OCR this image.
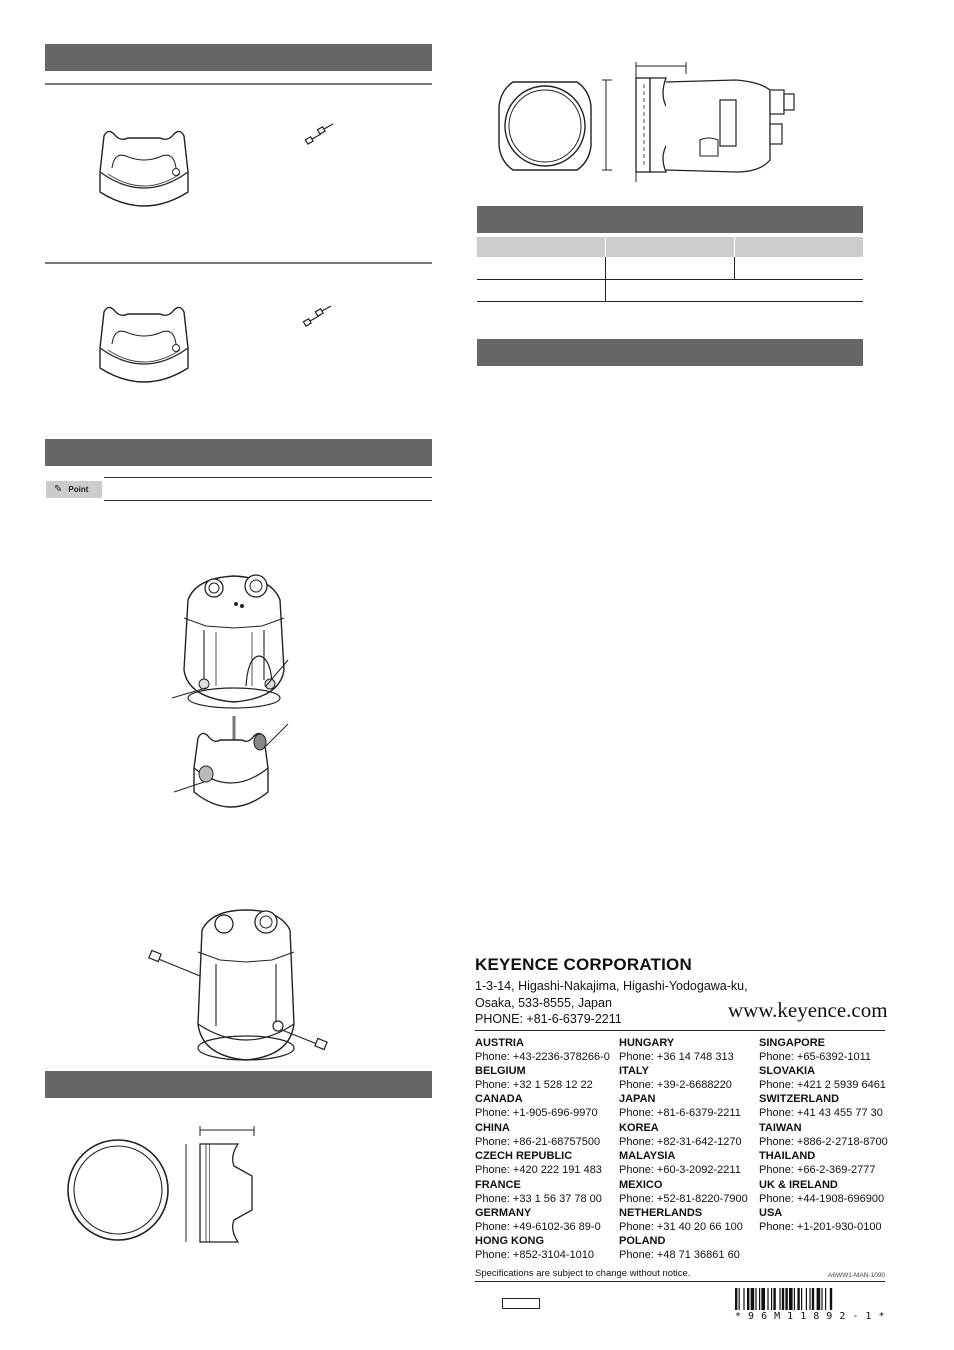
✎ Point
KEYENCE CORPORATION
1-3-14, Higashi-Nakajima, Higashi-Yodogawa-ku,
Osaka, 533-8555, Japan
PHONE: +81-6-6379-2211	www.keyence.com
AUSTRIA
Phone: +43-2236-378266-0
BELGIUM
Phone: +32 1 528 12 22
CANADA
Phone: +1-905-696-9970
CHINA
Phone: +86-21-68757500
CZECH REPUBLIC
Phone: +420 222 191 483
FRANCE
Phone: +33 1 56 37 78 00
GERMANY
Phone: +49-6102-36 89-0
HONG KONG
Phone: +852-3104-1010
HUNGARY
Phone: +36 14 748 313
ITALY
Phone: +39-2-6688220
JAPAN
Phone: +81-6-6379-2211
KOREA
Phone: +82-31-642-1270
MALAYSIA
Phone: +60-3-2092-2211
MEXICO
Phone: +52-81-8220-7900
NETHERLANDS
Phone: +31 40 20 66 100
POLAND
Phone: +48 71 36861 60
SINGAPORE
Phone: +65-6392-1011
SLOVAKIA
Phone: +421 2 5939 6461
SWITZERLAND
Phone: +41 43 455 77 30
TAIWAN
Phone: +886-2-2718-8700
THAILAND
Phone: +66-2-369-2777
UK & IRELAND
Phone: +44-1908-696900
USA
Phone: +1-201-930-0100
Specifications are subject to change without notice.	A6WW1-MAN-1090
* 9 6 M 1 1 8 9 2 - 1 *
